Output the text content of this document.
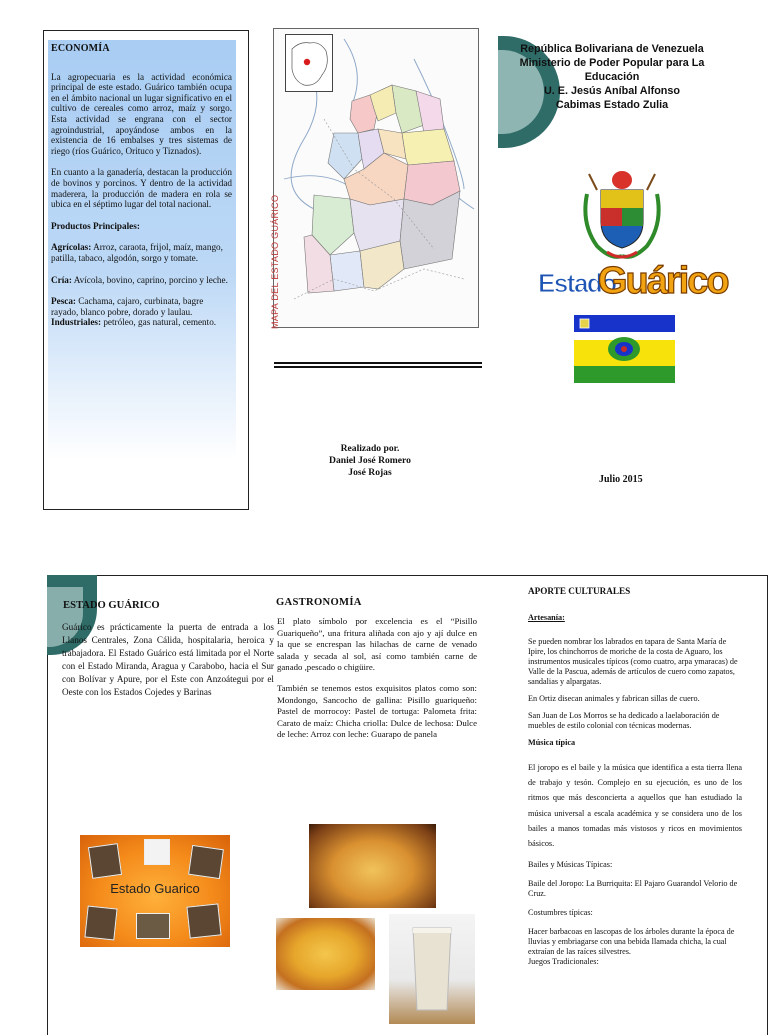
ECONOMÍA

La agropecuaria es la actividad económica principal de este estado. Guárico también ocupa en el ámbito nacional un lugar significativo en el cultivo de cereales como arroz, maíz y sorgo. Esta actividad se engrana con el sector agroindustrial, apoyándose ambos en la existencia de 16 embalses y tres sistemas de riego (ríos Guárico, Orituco y Tiznados).

En cuanto a la ganadería, destacan la producción de bovinos y porcinos. Y dentro de la actividad maderera, la producción de madera en rola se ubica en el séptimo lugar del total nacional.

Productos Principales:

Agrícolas: Arroz, caraota, frijol, maíz, mango, patilla, tabaco, algodón, sorgo y tomate.

Cría: Avícola, bovino, caprino, porcino y leche.

Pesca: Cachama, cajaro, curbinata, bagre rayado, blanco pobre, dorado y laulau.

Industriales: petróleo, gas natural, cemento.	MAPA DEL ESTADO GUÁRICO
Realizado por.
Daniel José Romero
José Rojas
República Bolivariana de Venezuela
Ministerio de Poder Popular para La
Educación
U. E. Jesús Aníbal Alfonso
Cabimas Estado Zulia
Estado
Guárico
Julio 2015
ESTADO GUÁRICO
Guárico es prácticamente la puerta de entrada a los Llanos Centrales, Zona Cálida, hospitalaria, heroica y trabajadora. El Estado Guárico está limitada por el Norte con el Estado Miranda, Aragua y Carabobo, hacia el Sur con Bolívar y Apure, por el Este con Anzoátegui por el Oeste con los Estados Cojedes y Barinas
Estado Guarico
GASTRONOMÍA

El plato símbolo por excelencia es el “Pisillo Guariqueño”, una fritura aliñada con ajo y ají dulce en la que se encrespan las hilachas de carne de venado salada y secada al sol, así como también carne de ganado ,pescado o chigüire.

También se tenemos estos exquisitos platos como son: Mondongo, Sancocho de gallina: Pisillo guariqueño: Pastel de morrocoy: Pastel de tortuga: Palometa frita: Carato de maíz: Chicha criolla: Dulce de lechosa: Dulce de leche: Arroz con leche: Guarapo de panela

APORTE CULTURALES

Artesanía:

Se pueden nombrar los labrados en tapara de Santa María de Ipire, los chinchorros de moriche de la costa de Aguaro, los instrumentos musicales típicos (como cuatro, arpa ymaracas) de Valle de la Pascua, además de artículos de cuero como zapatos, sandalias y alpargatas.

En Ortiz disecan animales y fabrican sillas de cuero.

San Juan de Los Morros se ha dedicado a laelaboración de muebles de estilo colonial con técnicas modernas.

Música típica

El joropo es el baile y la música que identifica a esta tierra llena de trabajo y tesón. Complejo en su ejecución, es uno de los ritmos que más desconcierta a aquellos que han estudiado la música universal a escala académica y se considera uno de los bailes a manos tomadas más vistosos y ricos en movimientos básicos.

Bailes y Músicas Típicas:

Baile del Joropo: La Burriquita: El Pajaro Guarandol Velorio de Cruz.

Costumbres típicas:

Hacer barbacoas en lascopas de los árboles durante la época de lluvias y embriagarse con una bebida llamada chicha, la cual extraían de las raíces silvestres.

Juegos Tradicionales:
